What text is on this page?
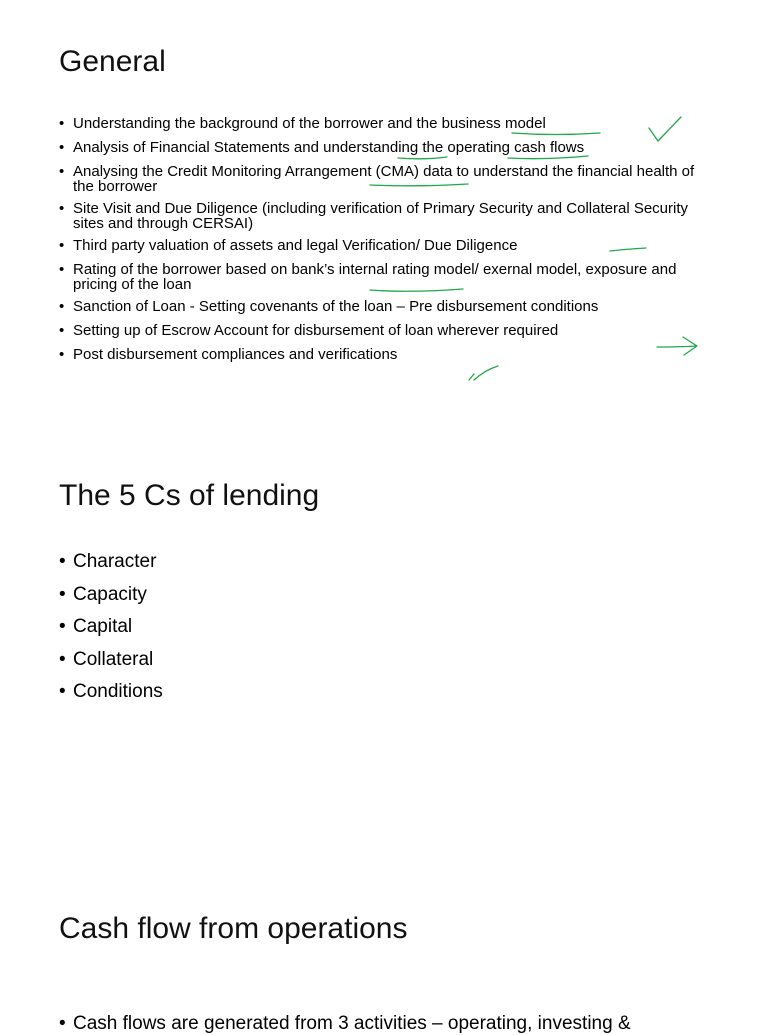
General
• Understanding the background of the borrower and the business model
• Analysis of Financial Statements and understanding the operating cash flows
• Analysing the Credit Monitoring Arrangement (CMA) data to understand the financial health of the borrower
• Site Visit and Due Diligence (including verification of Primary Security and Collateral Security sites and through CERSAI)
• Third party valuation of assets and legal Verification/ Due Diligence
• Rating of the borrower based on bank’s internal rating model/ exernal model, exposure and pricing of the loan
• Sanction of Loan - Setting covenants of the loan – Pre disbursement conditions
• Setting up of Escrow Account for disbursement of loan wherever required
• Post disbursement compliances and verifications
The 5 Cs of lending
• Character
• Capacity
• Capital
• Collateral
• Conditions
Cash flow from operations
• Cash flows are generated from 3 activities – operating, investing &
